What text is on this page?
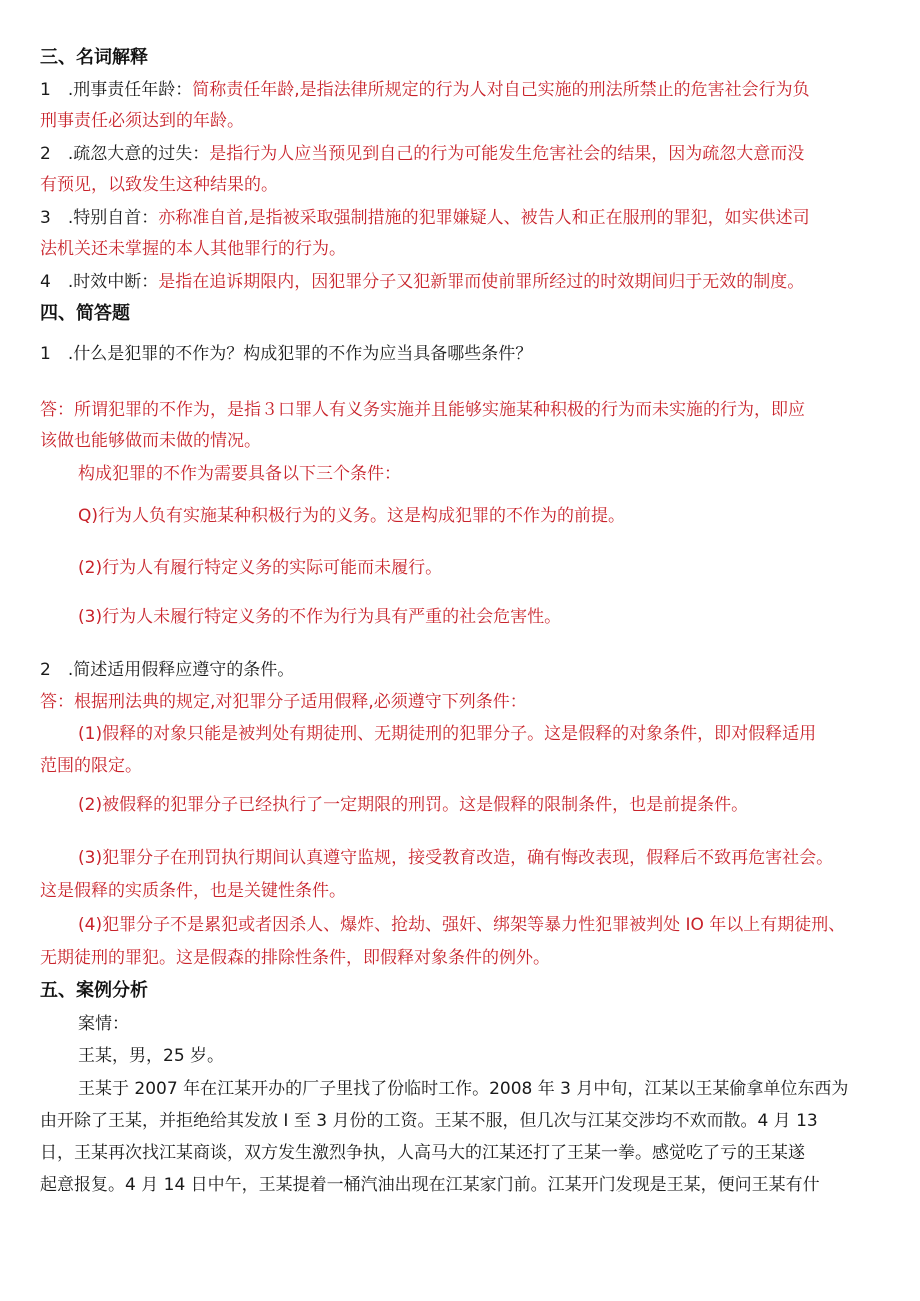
三、名词解释
1　.刑事责任年龄：简称责任年龄,是指法律所规定的行为人对自己实施的刑法所禁止的危害社会行为负
刑事责任必须达到的年龄。
2　.疏忽大意的过失：是指行为人应当预见到自己的行为可能发生危害社会的结果，因为疏忽大意而没
有预见，以致发生这种结果的。
3　.特别自首：亦称准自首,是指被采取强制措施的犯罪嫌疑人、被告人和正在服刑的罪犯，如实供述司
法机关还未掌握的本人其他罪行的行为。
4　.时效中断：是指在追诉期限内，因犯罪分子又犯新罪而使前罪所经过的时效期间归于无效的制度。
四、简答题
1　.什么是犯罪的不作为？构成犯罪的不作为应当具备哪些条件？
答：所谓犯罪的不作为，是指３口罪人有义务实施并且能够实施某种积极的行为而未实施的行为，即应
该做也能够做而未做的情况。
构成犯罪的不作为需要具备以下三个条件：
Q)行为人负有实施某种积极行为的义务。这是构成犯罪的不作为的前提。
(2)行为人有履行特定义务的实际可能而未履行。
(3)行为人未履行特定义务的不作为行为具有严重的社会危害性。
2　.简述适用假释应遵守的条件。
答：根据刑法典的规定,对犯罪分子适用假释,必须遵守下列条件：
(1)假释的对象只能是被判处有期徒刑、无期徒刑的犯罪分子。这是假释的对象条件，即对假释适用
范围的限定。
(2)被假释的犯罪分子已经执行了一定期限的刑罚。这是假释的限制条件，也是前提条件。
(3)犯罪分子在刑罚执行期间认真遵守监规，接受教育改造，确有悔改表现，假释后不致再危害社会。
这是假释的实质条件，也是关键性条件。
(4)犯罪分子不是累犯或者因杀人、爆炸、抢劫、强奸、绑架等暴力性犯罪被判处 IO 年以上有期徒刑、
无期徒刑的罪犯。这是假森的排除性条件，即假释对象条件的例外。
五、案例分析
案情：
王某，男，25 岁。
王某于 2007 年在江某开办的厂子里找了份临时工作。2008 年 3 月中旬，江某以王某偷拿单位东西为
由开除了王某，并拒绝给其发放 I 至 3 月份的工资。王某不服，但几次与江某交涉均不欢而散。4 月 13
日，王某再次找江某商谈，双方发生激烈争执，人高马大的江某还打了王某一拳。感觉吃了亏的王某遂
起意报复。4 月 14 日中午，王某提着一桶汽油出现在江某家门前。江某开门发现是王某，便问王某有什
